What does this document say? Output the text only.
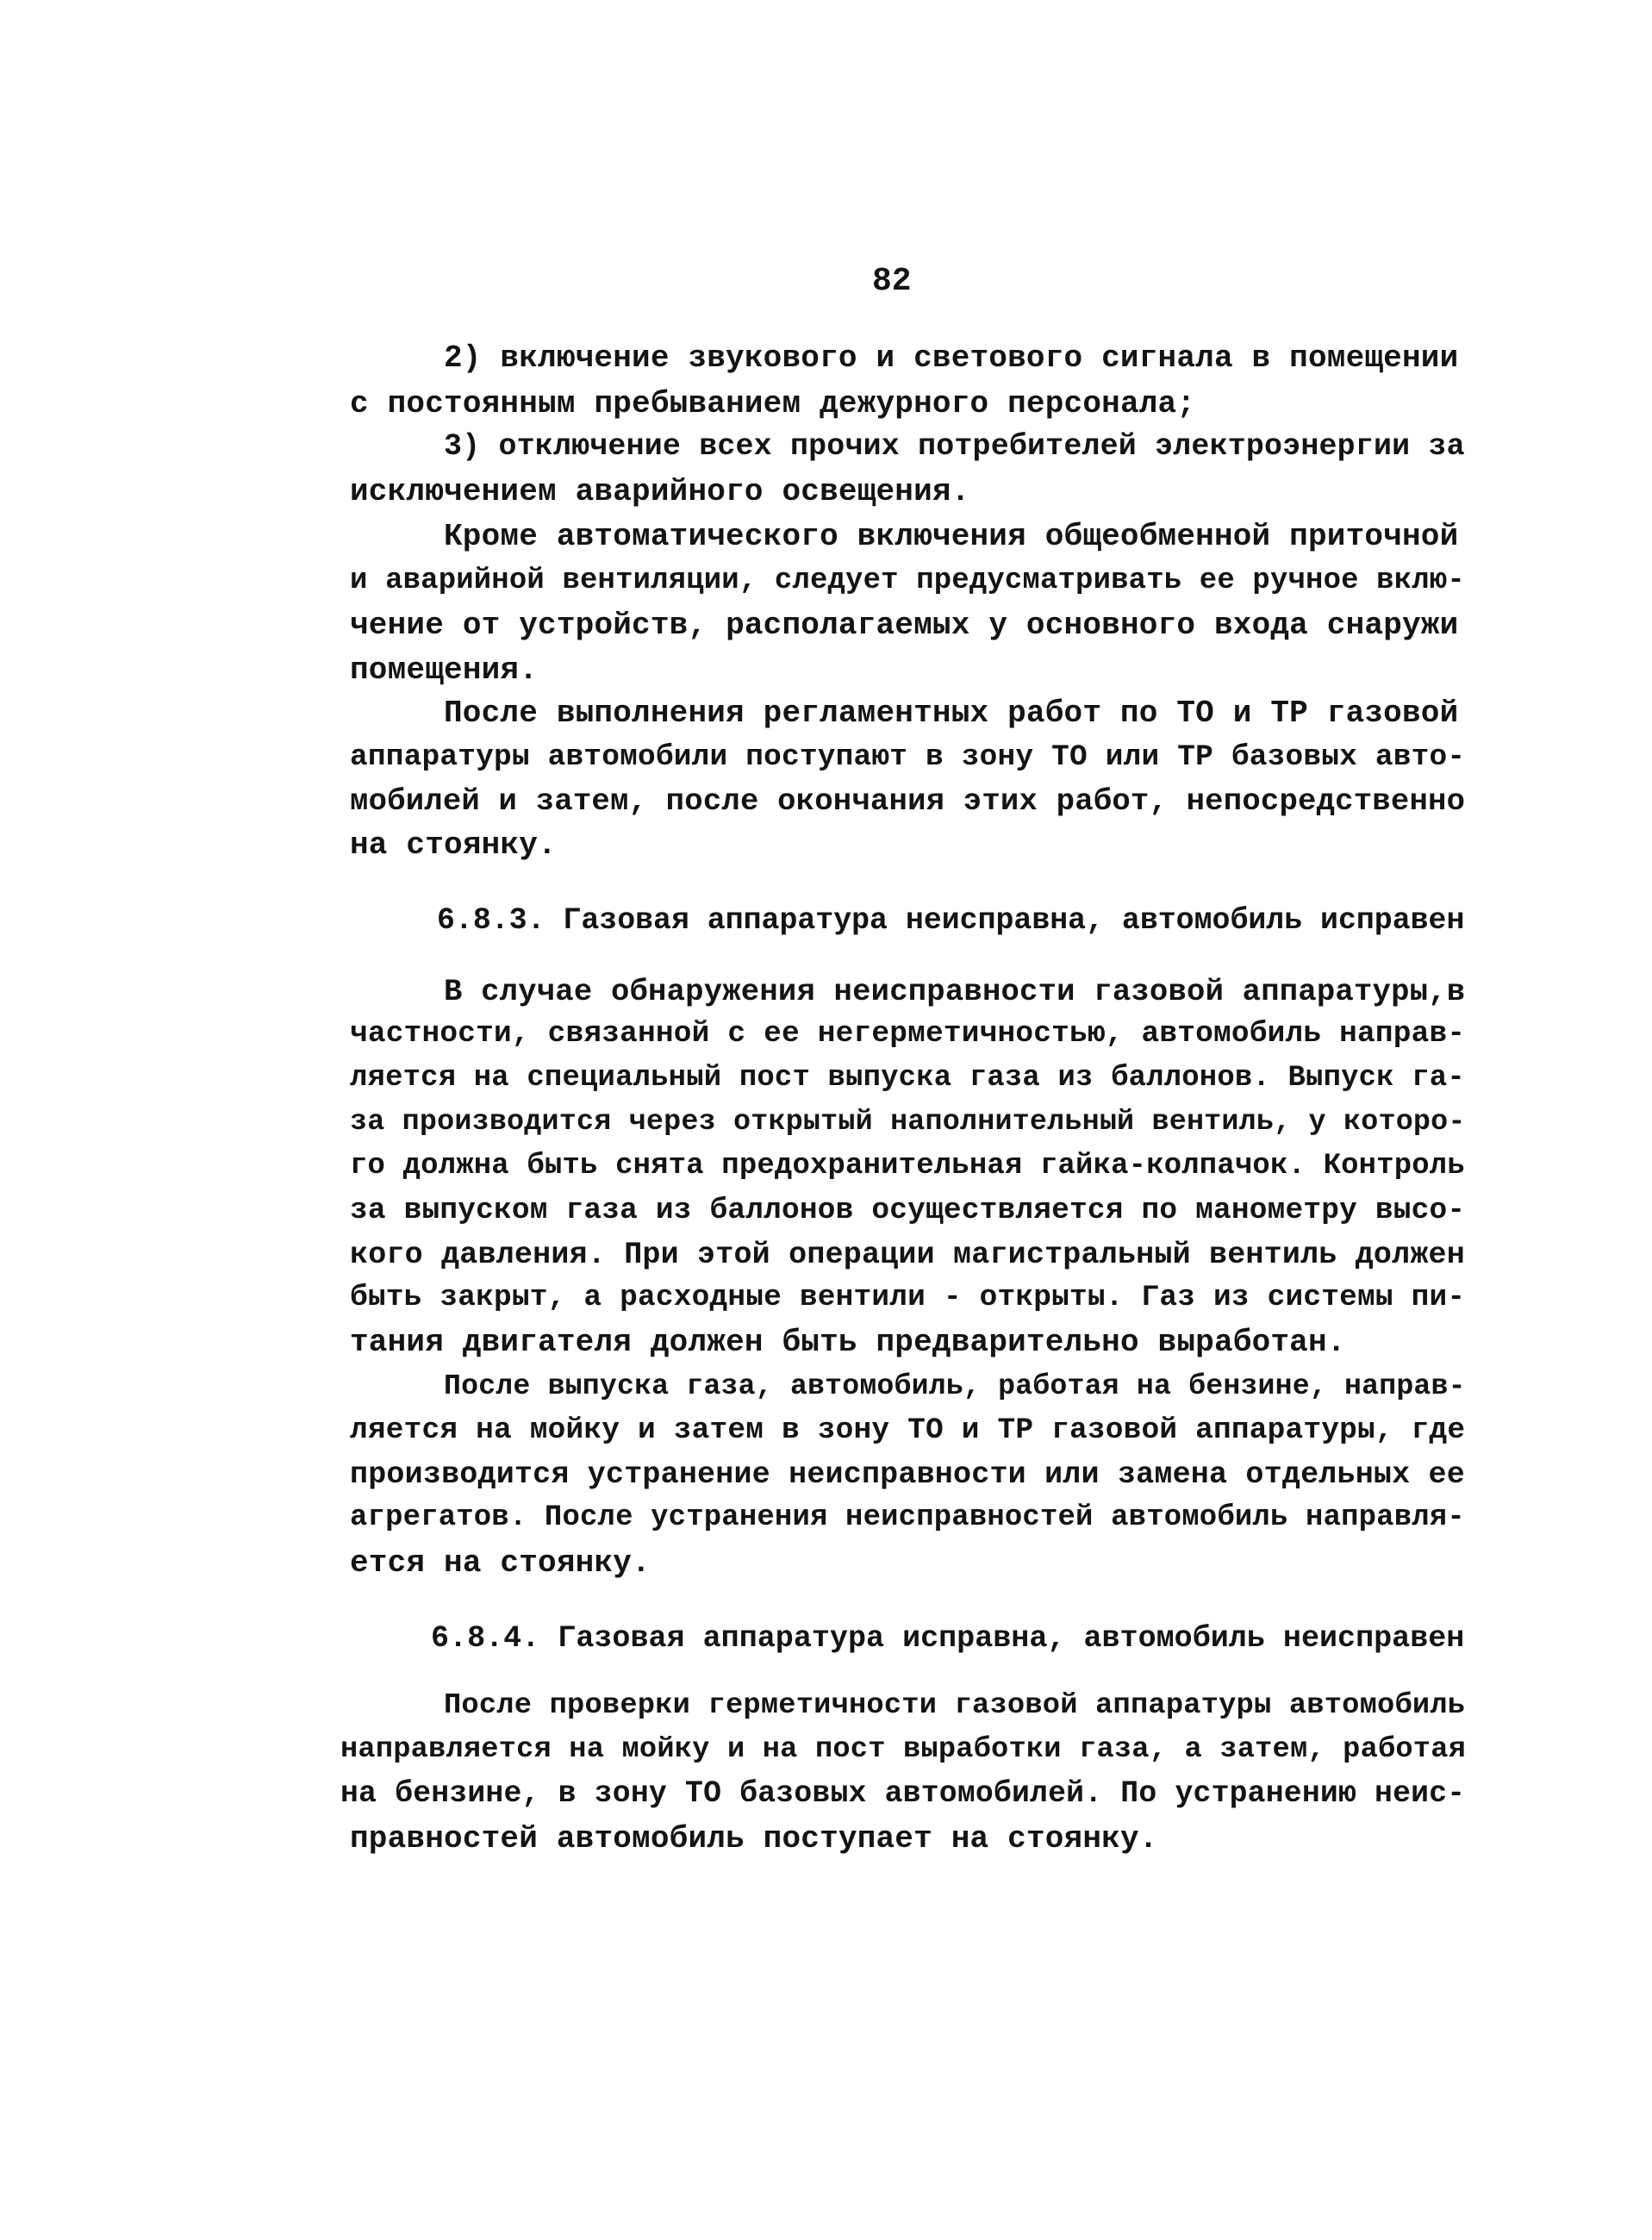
82
2) включение звукового и светового сигнала в помещении
с постоянным пребыванием дежурного персонала;
3) отключение всех прочих потребителей электроэнергии за
исключением аварийного освещения.
Кроме автоматического включения общеобменной приточной
и аварийной вентиляции, следует предусматривать ее ручное вклю-
чение от устройств, располагаемых у основного входа снаружи
помещения.
После выполнения регламентных работ по ТО и ТР газовой
аппаратуры автомобили поступают в зону ТО или ТР базовых авто-
мобилей и затем, после окончания этих работ, непосредственно
на стоянку.
6.8.3. Газовая аппаратура неисправна, автомобиль исправен
В случае обнаружения неисправности газовой аппаратуры,в
частности, связанной с ее негерметичностью, автомобиль направ-
ляется на специальный пост выпуска газа из баллонов. Выпуск га-
за производится через открытый наполнительный вентиль, у которо-
го должна быть снята предохранительная гайка-колпачок. Контроль
за выпуском газа из баллонов осуществляется по манометру высо-
кого давления. При этой операции магистральный вентиль должен
быть закрыт, а расходные вентили - открыты. Газ из системы пи-
тания двигателя должен быть предварительно выработан.
После выпуска газа, автомобиль, работая на бензине, направ-
ляется на мойку и затем в зону ТО и ТР газовой аппаратуры, где
производится устранение неисправности или замена отдельных ее
агрегатов. После устранения неисправностей автомобиль направля-
ется на стоянку.
6.8.4. Газовая аппаратура исправна, автомобиль неисправен
После проверки герметичности газовой аппаратуры автомобиль
направляется на мойку и на пост выработки газа, а затем, работая
на бензине, в зону ТО базовых автомобилей. По устранению неис-
правностей автомобиль поступает на стоянку.
